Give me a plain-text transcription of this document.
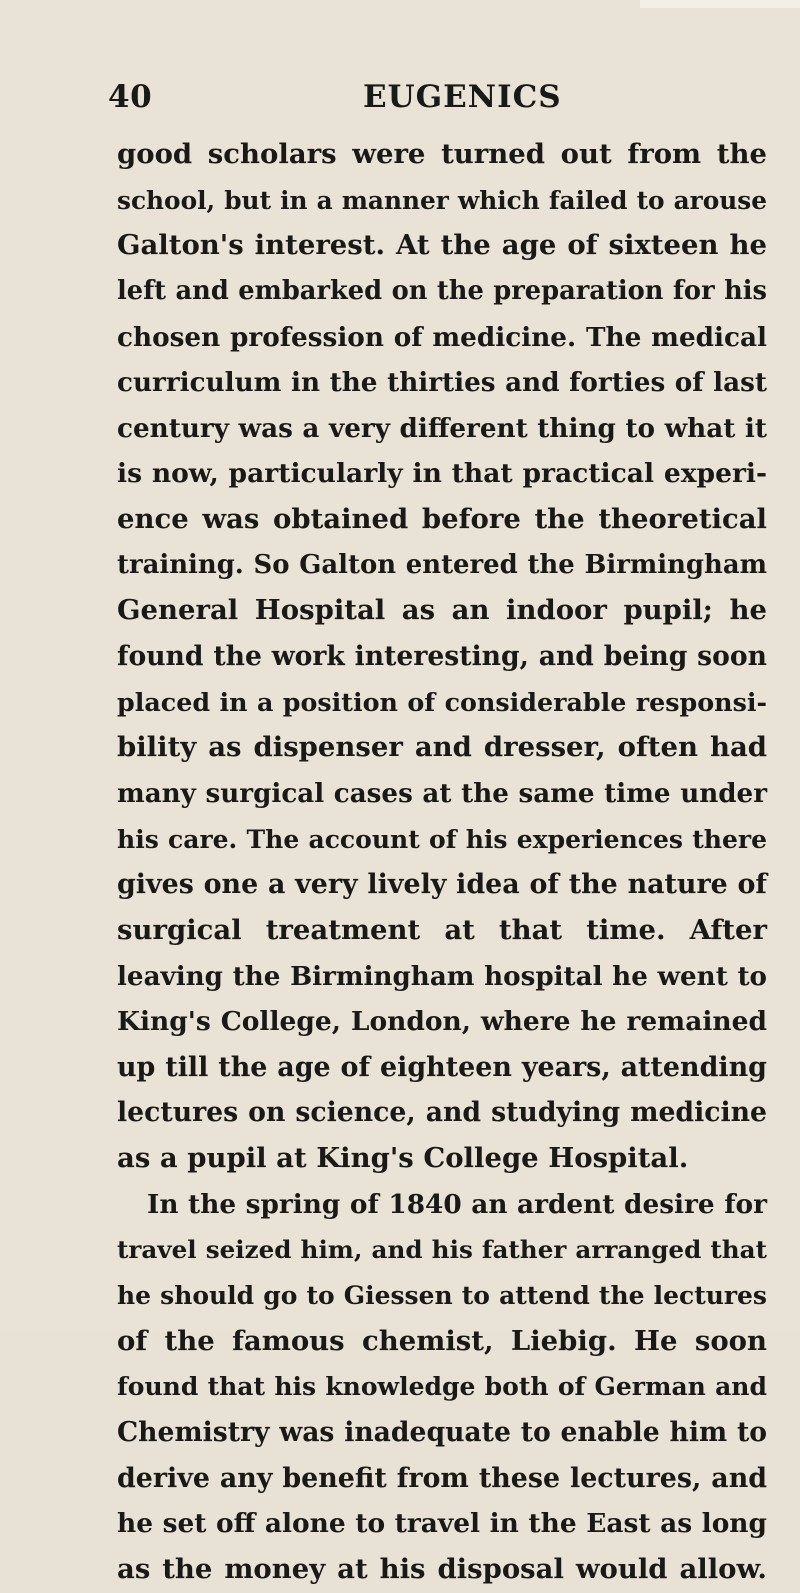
40	EUGENICS
good scholars were turned out from the
school, but in a manner which failed to arouse
Galton's interest. At the age of sixteen he
left and embarked on the preparation for his
chosen profession of medicine. The medical
curriculum in the thirties and forties of last
century was a very different thing to what it
is now, particularly in that practical experi-
ence was obtained before the theoretical
training. So Galton entered the Birmingham
General Hospital as an indoor pupil; he
found the work interesting, and being soon
placed in a position of considerable responsi-
bility as dispenser and dresser, often had
many surgical cases at the same time under
his care. The account of his experiences there
gives one a very lively idea of the nature of
surgical treatment at that time. After
leaving the Birmingham hospital he went to
King's College, London, where he remained
up till the age of eighteen years, attending
lectures on science, and studying medicine
as a pupil at King's College Hospital.
In the spring of 1840 an ardent desire for
travel seized him, and his father arranged that
he should go to Giessen to attend the lectures
of the famous chemist, Liebig. He soon
found that his knowledge both of German and
Chemistry was inadequate to enable him to
derive any benefit from these lectures, and
he set off alone to travel in the East as long
as the money at his disposal would allow.
